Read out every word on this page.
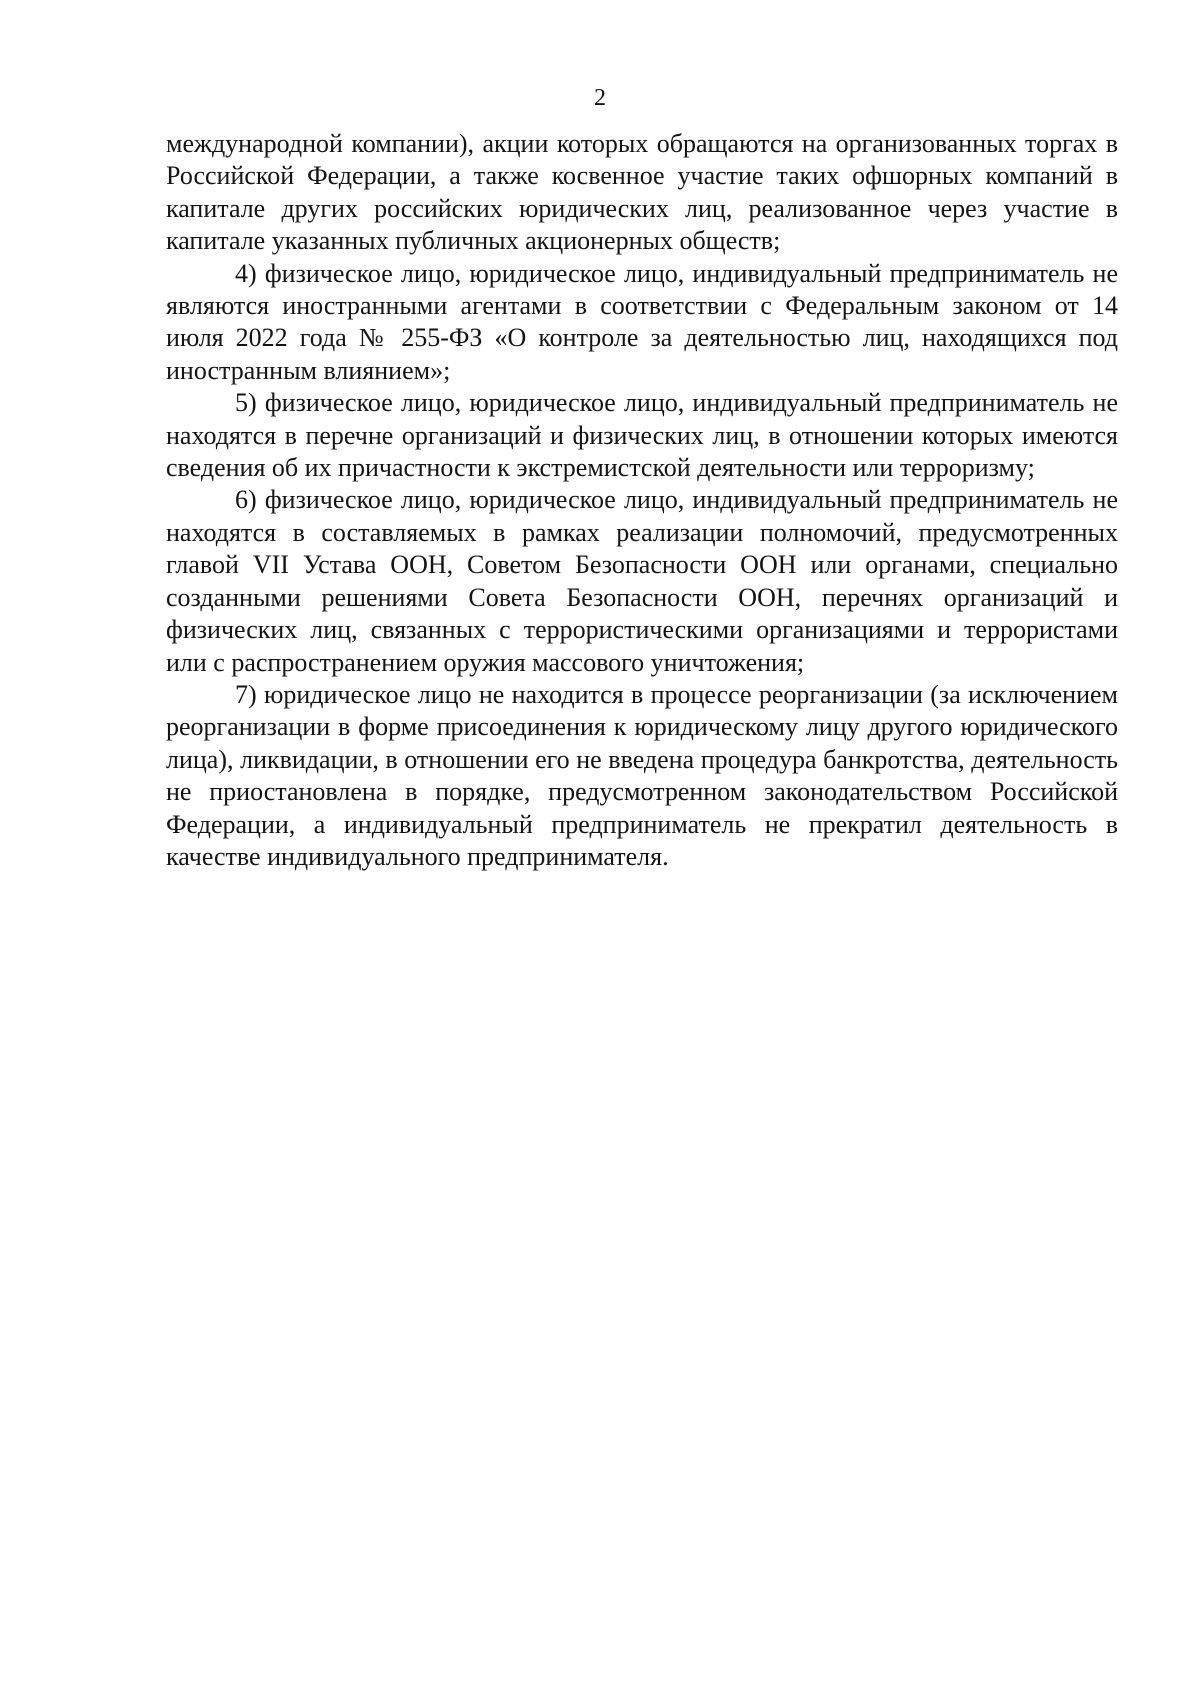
2

международной компании), акции которых обращаются на организованных торгах в Российской Федерации, а также косвенное участие таких офшорных компаний в капитале других российских юридических лиц, реализованное через участие в капитале указанных публичных акционерных обществ;

4) физическое лицо, юридическое лицо, индивидуальный предприниматель не являются иностранными агентами в соответствии с Федеральным законом от 14 июля 2022 года № 255-ФЗ «О контроле за деятельностью лиц, находящихся под иностранным влиянием»;

5) физическое лицо, юридическое лицо, индивидуальный предприниматель не находятся в перечне организаций и физических лиц, в отношении которых имеются сведения об их причастности к экстремистской деятельности или терроризму;

6) физическое лицо, юридическое лицо, индивидуальный предприниматель не находятся в составляемых в рамках реализации полномочий, предусмотренных главой VII Устава ООН, Советом Безопасности ООН или органами, специально созданными решениями Совета Безопасности ООН, перечнях организаций и физических лиц, связанных с террористическими организациями и террористами или с распространением оружия массового уничтожения;

7) юридическое лицо не находится в процессе реорганизации (за исключением реорганизации в форме присоединения к юридическому лицу другого юридического лица), ликвидации, в отношении его не введена процедура банкротства, деятельность не приостановлена в порядке, предусмотренном законодательством Российской Федерации, а индивидуальный предприниматель не прекратил деятельность в качестве индивидуального предпринимателя.
